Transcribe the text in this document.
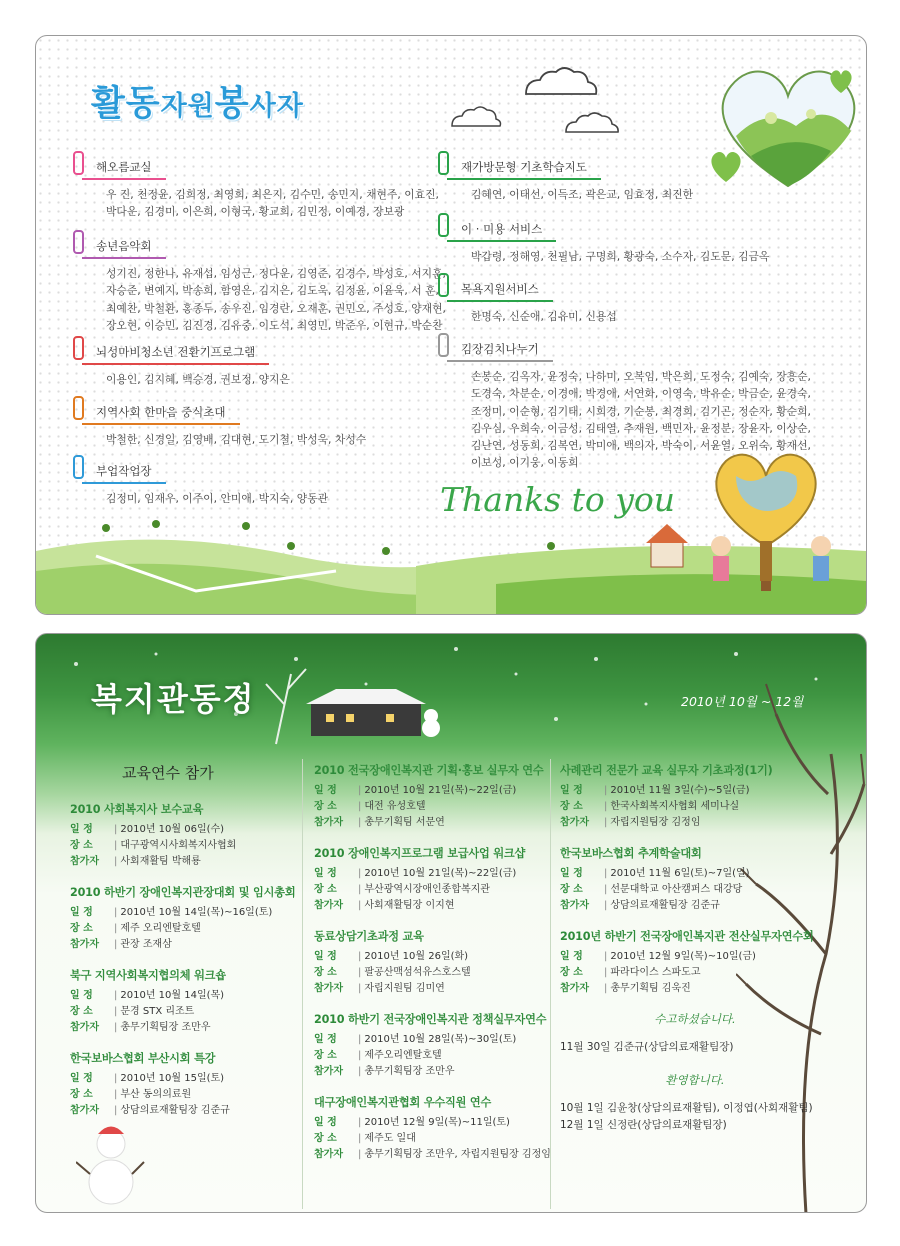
활동자원봉사자
해오름교실
우 진, 천정윤, 김희정, 최영희, 최은지, 김수민, 송민지, 채현주, 이효진,
박다운, 김경미, 이은희, 이형국, 황교희, 김민정, 이예경, 장보광
송년음악회
성기진, 정한나, 유재섭, 임성근, 정다운, 김영준, 김경수, 박성호, 서지훈,
자승준, 변예지, 박송희, 함영은, 김지은, 김도욱, 김정윤, 이윤욱, 서 훈,
최예찬, 박철환, 홍종두, 송우진, 임경란, 오재훈, 권민오, 주성호, 양재현,
장오현, 이승민, 김진경, 김유중, 이도석, 최영민, 박준우, 이현규, 박순찬
뇌성마비청소년 전환기프로그램
이용인, 김지혜, 백승경, 권보정, 양지은
지역사회 한마음 중식초대
박철한, 신경일, 김영배, 김대현, 도기쳘, 박성욱, 차성수
부업작업장
김정미, 임재우, 이주이, 안미애, 박지숙, 양동관
재가방문형 기초학습지도
김혜연, 이태선, 이득조, 곽은교, 임효정, 최진한
이 · 미용 서비스
박갑령, 정해영, 천필남, 구명희, 황광숙, 소수자, 김도문, 김금옥
목욕지원서비스
한명숙, 신순애, 김유미, 신용섭
김장김치나누기
손봉순, 김옥자, 윤정숙, 나하미, 오복임, 박은희, 도정숙, 김예숙, 장흥순,
도경숙, 차분순, 이경애, 박경애, 서연화, 이영숙, 박유순, 박금순, 윤경숙,
조정미, 이순형, 김기태, 시희경, 기순봉, 최경희, 김기곤, 정순자, 황순희,
김우심, 우희숙, 이금성, 김태열, 추재원, 백민자, 윤정분, 장윤자, 이상순,
김난연, 성동희, 김복연, 박미애, 백의자, 박숙이, 서윤열, 오위숙, 황재선,
이보성, 이기웅, 이동희
Thanks to you
복지관동정	2010년 10월 ~ 12월
교육연수 참가
2010 사회복지사 보수교육
일 정 | 2010년 10월 06일(수)
장 소 | 대구광역시사회복지사협회
참가자 | 사회재활팀 박해룡
2010 하반기 장애인복지관장대회 및 임시총회
일 정 | 2010년 10월 14일(목)~16일(토)
장 소 | 제주 오리엔탈호텔
참가자 | 관장 조재삼
북구 지역사회복지협의체 워크숍
일 정 | 2010년 10월 14일(목)
장 소 | 문경 STX 리조트
참가자 | 총무기획팀장 조만우
한국보바스협회 부산시회 특강
일 정 | 2010년 10월 15일(토)
장 소 | 부산 동의의료원
참가자 | 상담의료재활팀장 김준규
2010 전국장애인복지관 기획·홍보 실무자 연수
일 정 | 2010년 10월 21일(목)~22일(금)
장 소 | 대전 유성호텔
참가자 | 총무기획팀 서문연
2010 장애인복지프로그램 보급사업 워크샵
일 정 | 2010년 10월 21일(목)~22일(금)
장 소 | 부산광역시장애인종합복지관
참가자 | 사회재활팀장 이지현
동료상담기초과정 교육
일 정 | 2010년 10월 26일(화)
장 소 | 팔공산맥섬석유스호스텔
참가자 | 자립지원팀 김미연
2010 하반기 전국장애인복지관 정책실무자연수
일 정 | 2010년 10월 28일(목)~30일(토)
장 소 | 제주오리엔탈호텔
참가자 | 총무기획팀장 조만우
대구장애인복지관협회 우수직원 연수
일 정 | 2010년 12월 9일(목)~11일(토)
장 소 | 제주도 일대
참가자 | 총무기획팀장 조만우, 자립지원팀장 김정임
사례관리 전문가 교육 실무자 기초과정(1기)
일 정 | 2010년 11월 3일(수)~5일(금)
장 소 | 한국사회복지사협회 세미나실
참가자 | 자립지원팀장 김정임
한국보바스협회 추계학술대회
일 정 | 2010년 11월 6일(토)~7일(일)
장 소 | 선문대학교 아산캠퍼스 대강당
참가자 | 상담의료재활팀장 김준규
2010년 하반기 전국장애인복지관 전산실무자연수회
일 정 | 2010년 12월 9일(목)~10일(금)
장 소 | 파라다이스 스파도고
참가자 | 총무기획팀 김욱진
수고하셨습니다.
11월 30일 김준규(상담의료재활팀장)
환영합니다.
10월 1일 김윤창(상담의료재활팀), 이정엽(사회재활팀)
12월 1일 신정란(상담의료재활팀장)
